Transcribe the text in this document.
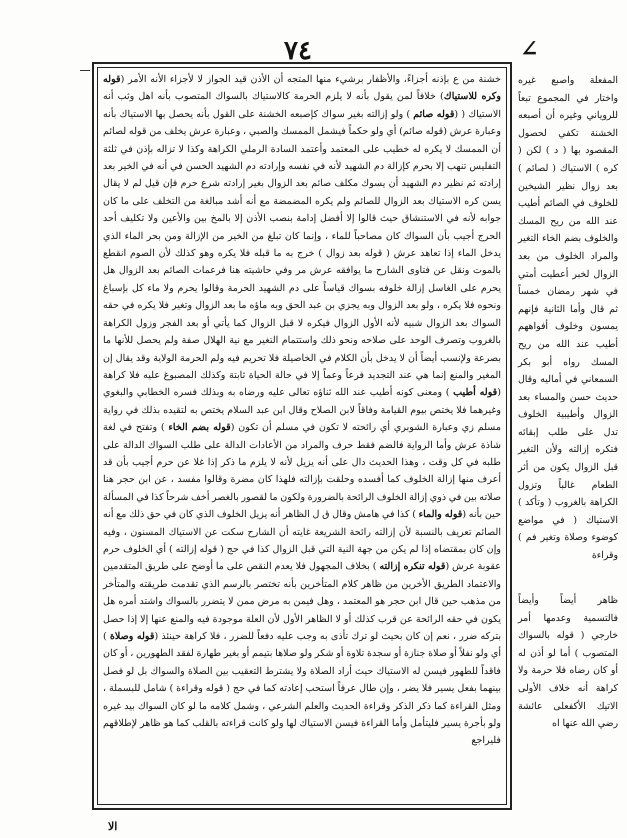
٧٤	∠

خشنة من ع بإذنه أجزاءً، والأظفار برشيء منها المتجه أن الأذن قيد الجواز لا لأجزاء الأنه الأمر (قوله وكره للاستياك) خلافاً لمن يقول بأنه لا يلزم الحرمة كالاستياك بالسواك المتصوب بأنه اهل وثب أنه الاستياك ( (قوله صائم ) ولو إزالته بغير سواك كإصبعه الخشنة على القول بأنه يحصل بها الاستياك بأنه وعبارة عرش (قوله صائم) أي ولو حكماً فيشمل الممسك والصبي ، وعبارة عرش يخلف من قوله لصائم أن الممسك لا يكره له خطيب على المعتمد وأعتمد السادة الرملي الكراهة وكذا لا تزاله بإذن في ثلثة التفليس تنهب إلا بحرم كإزالة دم الشهيد لأنه في نفسه وإرادته دم الشهيد الحسن في أنه في الخير بعد إرادته ثم نظير دم الشهيد أن يسوك مكلف صائم بعد الزوال بغير إرادته شرع حرم فإن قيل لم لا يقال يسن كره الاستياك بعد الزوال للصائم ولم يكره المضمضة مع أنه أشد مبالغة من التخلف على ما كان جوابه لأنه في الاستنشاق حيث قالوا إلا أفضل إدامة بنصب الأذن إلا بالمخ بين والأعين ولا تكليف أحد الحرج أجيب بأن السواك كان مصاحباً للماء ، وإنما كان تبلغ من الخير من الإزالة ومن بحر الماء الذي يدخل الماء إذا تعاهد عرش ( قوله بعد زوال ) خرج به ما قبله فلا يكره وهو كذلك لأن الصوم انقطع بالموت ونقل عن فتاوى الشارح ما يوافقه عرش مر وفي حاشيته هنا فرعمات الصائم بعد الزوال هل يحرم على الغاسل إزالة خلوفه بسواك قياساً على دم الشهيد الحرمة وقالوا يحرم ولا ماء كل بإسباغ ونحوه فلا يكره ، ولو بعد الزوال وبه يجزي بن عبد الحق وبه ماؤه ما بعد الزوال وتغير فلا يكره في حقه السواك بعد الزوال شبيه لأنه الأول الزوال فيكره لا قبل الزوال كما يأتي أو بعد الفجر وزول الكراهة بالغروب وتصرف الوحد على صلاحه ونحو ذلك واستتمام التغير مع نية الهلال صفة ولم يحصل للأنها ما بصرعة ولإنسب أيضاً أن لا يدخل بأن الكلام في الخاصيلة فلا تحريم فيه ولم الحرمة الولاية وقد يقال إن المغير والمنع إنما هي عند التجديد فرعاً وعماً إلا في حالة الحياة ثابتة وكذلك المصبوغ عليه فلا كراهة (قوله أطيب ) ومعنى كونه أطيب عند الله ثناؤه تعالى عليه ورضاه به وبذلك فسره الخطابي والبغوي وغيرهما فلا يختص بيوم القيامة وفاقاً لابن الصلاح وقال ابن عبد السلام يختص به لتقيده بذلك في رواية مسلم زي وعبارة الشوبري أي رائحته لا تكون في مسلم أن تكون (قوله بضم الخاء ) وتفتح في لغة شاذة عرش وأما الرواية فالضم فقط حرف والمراد من الأعادات الدالة على طلب السواك الدالة على طلبه في كل وقت ، وهذا الحديث دال على أنه يزيل لأنه لا يلزم ما ذكر إذا غلا عن حرم أجيب بأن قد أعرف منها إزالة الخلوف كما أفسده وحلقت بإزالته فلهذا كان مضرة وقالوا مفسد ، عن ابن حجر هنا صلاته بين في ذوي إزالة الخلوف الرائحة بالضرورة ولكون ما لقصور بالغصر أخف شرحاً كذا في المسألة حين بأنه (قوله والماء ) كذا في هامش وقال ق ل الظاهر أنه يزيل الخلوف الذي كان في حق ذلك مع أنه الصائم تعريف بالنسبة لأن إزالته رائحة الشريعة غايته أن الشارح سكت عن الاستياك المسنون ، وفيه وإن كان بمقتضاه إذا لم يكن من جهة النية التي قبل الزوال كذا في حج ( قوله إزالته ) أي الخلوف حرم عقوبة عرش (قوله تنكره إزالته ) بخلاف المجهول فلا يعدم النقص على ما أوضح على طريق المتقدمين والاعتماد الطريق الأخرين من ظاهر كلام المتأخرين بأنه تختصر بالرسم الذي تقدمت طريقته والمتأخر من مذهب حين قال ابن حجر هو المعتمد ، وهل فيمن به مرض ممن لا يتضرر بالسواك واشتد أمره هل يكون في حقه الرائحة عن قرب كذلك أو لا الظاهر الأول لأن العلة موجودة فيه والمنع عنها إلا إذا حصل بتركه ضرر ، نعم إن كان بحيث لو ترك تأذى به وجب عليه دفعاً للضرر ، فلا كراهة حينئذ (قوله وصلاة ) أي ولو نفلاً أو صلاة جنازة أو سجدة تلاوة أو شكر ولو صلاها بتيمم أو بغير طهارة لفقد الطهورين ، أو كان فاقداً للطهور فيسن له الاستياك حيث أراد الصلاة ولا يشترط التعقيب بين الصلاة والسواك بل لو فصل بينهما بفعل يسير فلا يضر ، وإن طال عرفاً استحب إعادته كما في حج ( قوله وقراءة ) شامل للبسملة ، ومثل القراءة كما ذكر الذكر وقراءة الحديث والعلم الشرعي ، وشمل كلامه ما لو كان السواك بيد غيره ولو بأجرة يسير فليتأمل وأما القراءة فيسن الاستياك لها ولو كانت قراءته بالقلب كما هو ظاهر لإطلاقهم فليراجع

المفعلة واصبع غيره واختار في المجموع تبعاً للروياني وغيره أن أصبعه الخشنة تكفي لحصول المقصود بها ( د ) لكن ( كره ) الاستياك ( لصائم ) بعد زوال نظير الشيخين للخلوف في الصائم أطيب عند الله من ريح المسك والخلوف بضم الخاء التغير والمراد الخلوف من بعد الزوال لخبر أعطيت أمتي في شهر رمضان خمساً ثم قال وأما الثانية فإنهم يمسون وخلوف أفواههم أطيب عند الله من ريح المسك رواه أبو بكر السمعاني في أماليه وقال حديث حسن والمساء بعد الزوال وأطيبية الخلوف تدل على طلب إبقائه فتكره إزالته ولأن التغير قبل الزوال يكون من أثر الطعام غالباً وتزول الكراهة بالغروب ( وتأكد ) الاستياك ( في مواضع كوضوء وصلاة وتغير فم ) وقراءة
ظاهر أيضاً وأيضاً فالتسمية وعدمها أمر خارجي ( قوله بالسواك المتصوب ) أما لو أذن له أو كان رضاه فلا حرمة ولا كراهة أنه خلاف الأولى الاتيك الأكفعلى عائشة رضي الله عنها اه
الا
